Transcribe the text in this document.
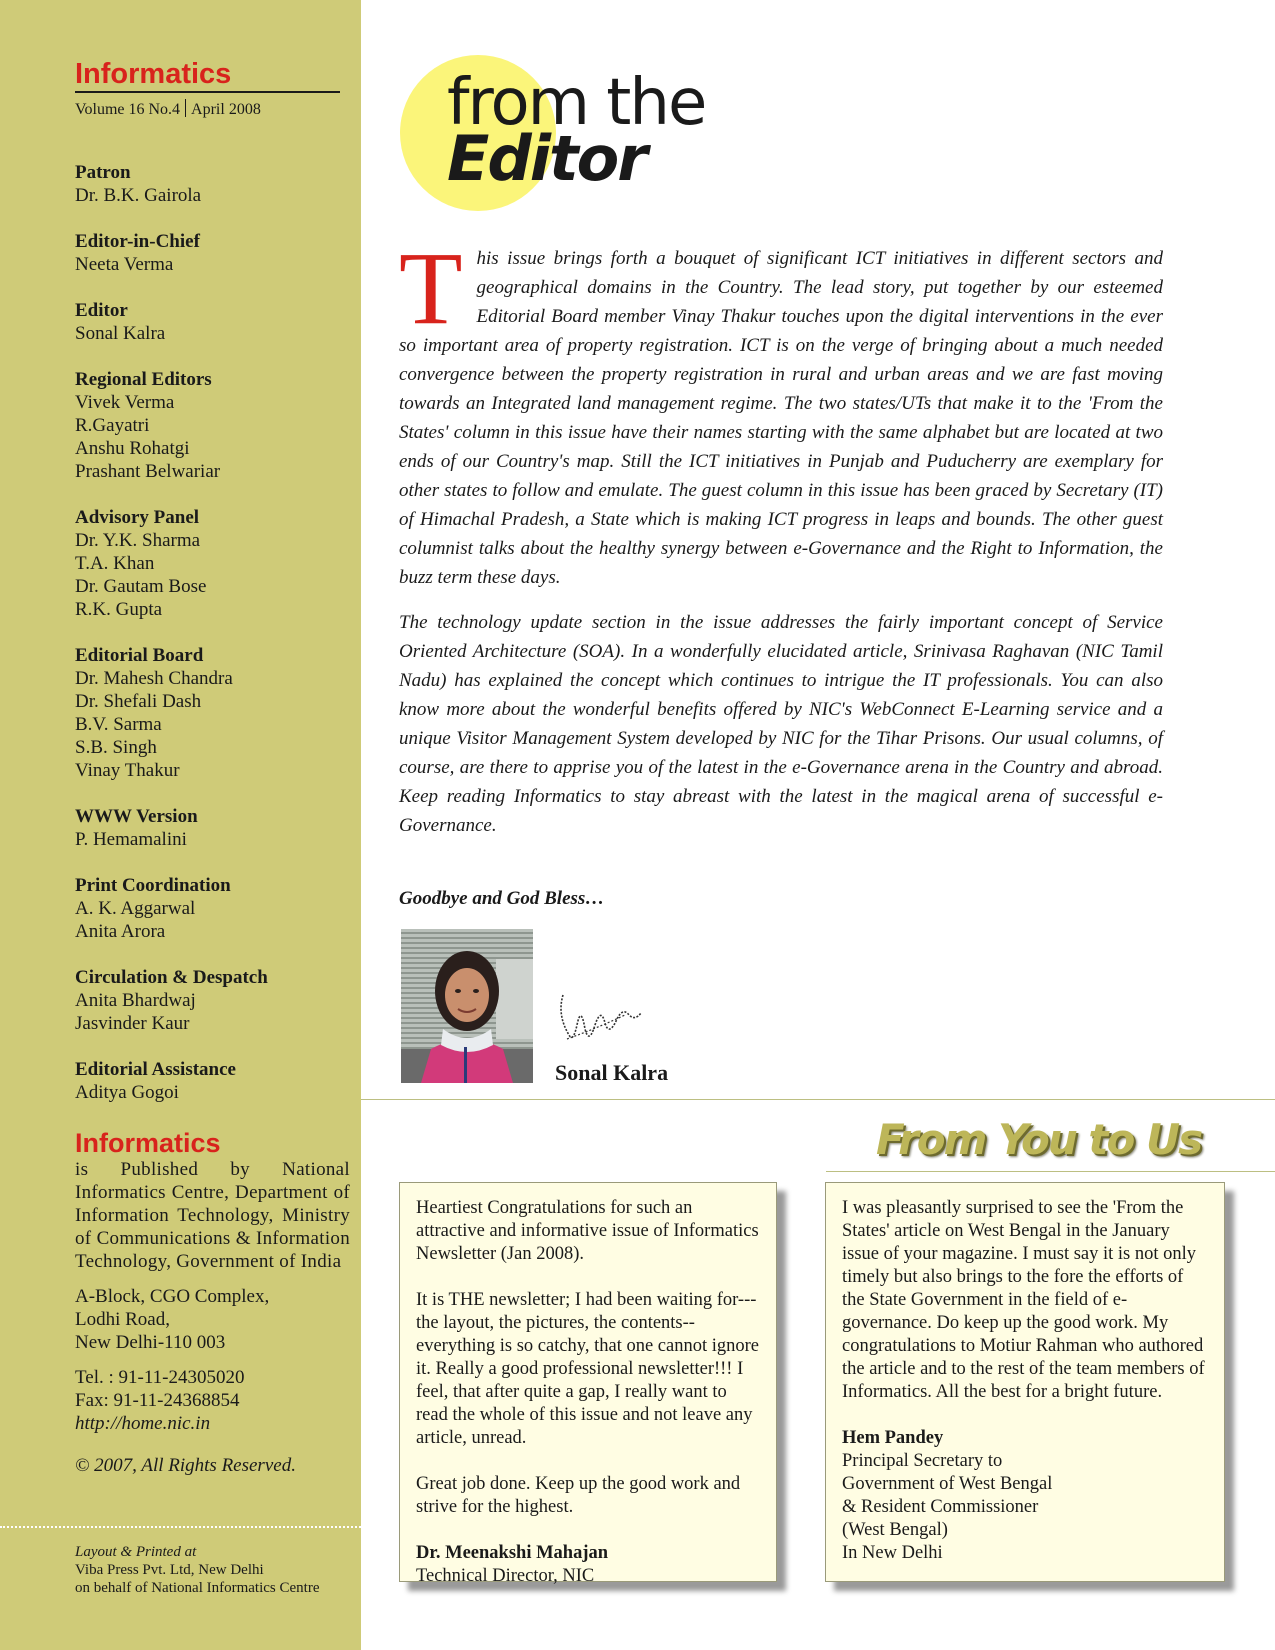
Informatics
Volume 16 No.4 April 2008
Patron
Dr. B.K. Gairola
Editor-in-Chief
Neeta Verma
Editor
Sonal Kalra
Regional Editors
Vivek Verma
R.Gayatri
Anshu Rohatgi
Prashant Belwariar
Advisory Panel
Dr. Y.K. Sharma
T.A. Khan
Dr. Gautam Bose
R.K. Gupta
Editorial Board
Dr. Mahesh Chandra
Dr. Shefali Dash
B.V. Sarma
S.B. Singh
Vinay Thakur
WWW Version
P. Hemamalini
Print Coordination
A. K. Aggarwal
Anita Arora
Circulation & Despatch
Anita Bhardwaj
Jasvinder Kaur
Editorial Assistance
Aditya Gogoi
Informatics
is Published by National Informatics Centre, Department of Information Technology, Ministry of Communications & Information Technology, Government of India
A-Block, CGO Complex,
Lodhi Road,
New Delhi-110 003
Tel. : 91-11-24305020
Fax: 91-11-24368854
http://home.nic.in
© 2007, All Rights Reserved.
Layout & Printed at
Viba Press Pvt. Ltd, New Delhi
on behalf of National Informatics Centre
from the
Editor

This issue brings forth a bouquet of significant ICT initiatives in different sectors and geographical domains in the Country. The lead story, put together by our esteemed Editorial Board member Vinay Thakur touches upon the digital interventions in the ever so important area of property registration. ICT is on the verge of bringing about a much needed convergence between the property registration in rural and urban areas and we are fast moving towards an Integrated land management regime. The two states/UTs that make it to the 'From the States' column in this issue have their names starting with the same alphabet but are located at two ends of our Country's map. Still the ICT initiatives in Punjab and Puducherry are exemplary for other states to follow and emulate. The guest column in this issue has been graced by Secretary (IT) of Himachal Pradesh, a State which is making ICT progress in leaps and bounds. The other guest columnist talks about the healthy synergy between e-Governance and the Right to Information, the buzz term these days.

The technology update section in the issue addresses the fairly important concept of Service Oriented Architecture (SOA). In a wonderfully elucidated article, Srinivasa Raghavan (NIC Tamil Nadu) has explained the concept which continues to intrigue the IT professionals. You can also know more about the wonderful benefits offered by NIC's WebConnect E-Learning service and a unique Visitor Management System developed by NIC for the Tihar Prisons. Our usual columns, of course, are there to apprise you of the latest in the e-Governance arena in the Country and abroad. Keep reading Informatics to stay abreast with the latest in the magical arena of successful e-Governance.

Goodbye and God Bless…
Sonal Kalra
From You to Us

Heartiest Congratulations for such an attractive and informative issue of Informatics Newsletter (Jan 2008).

It is THE newsletter; I had been waiting for--- the layout, the pictures, the contents--everything is so catchy, that one cannot ignore it. Really a good professional newsletter!!! I feel, that after quite a gap, I really want to read the whole of this issue and not leave any article, unread.

Great job done. Keep up the good work and strive for the highest.

Dr. Meenakshi Mahajan
Technical Director, NIC

I was pleasantly surprised to see the 'From the States' article on West Bengal in the January issue of your magazine. I must say it is not only timely but also brings to the fore the efforts of the State Government in the field of e-governance. Do keep up the good work. My congratulations to Motiur Rahman who authored the article and to the rest of the team members of Informatics. All the best for a bright future.

Hem Pandey
Principal Secretary to
Government of West Bengal
& Resident Commissioner
(West Bengal)
In New Delhi
